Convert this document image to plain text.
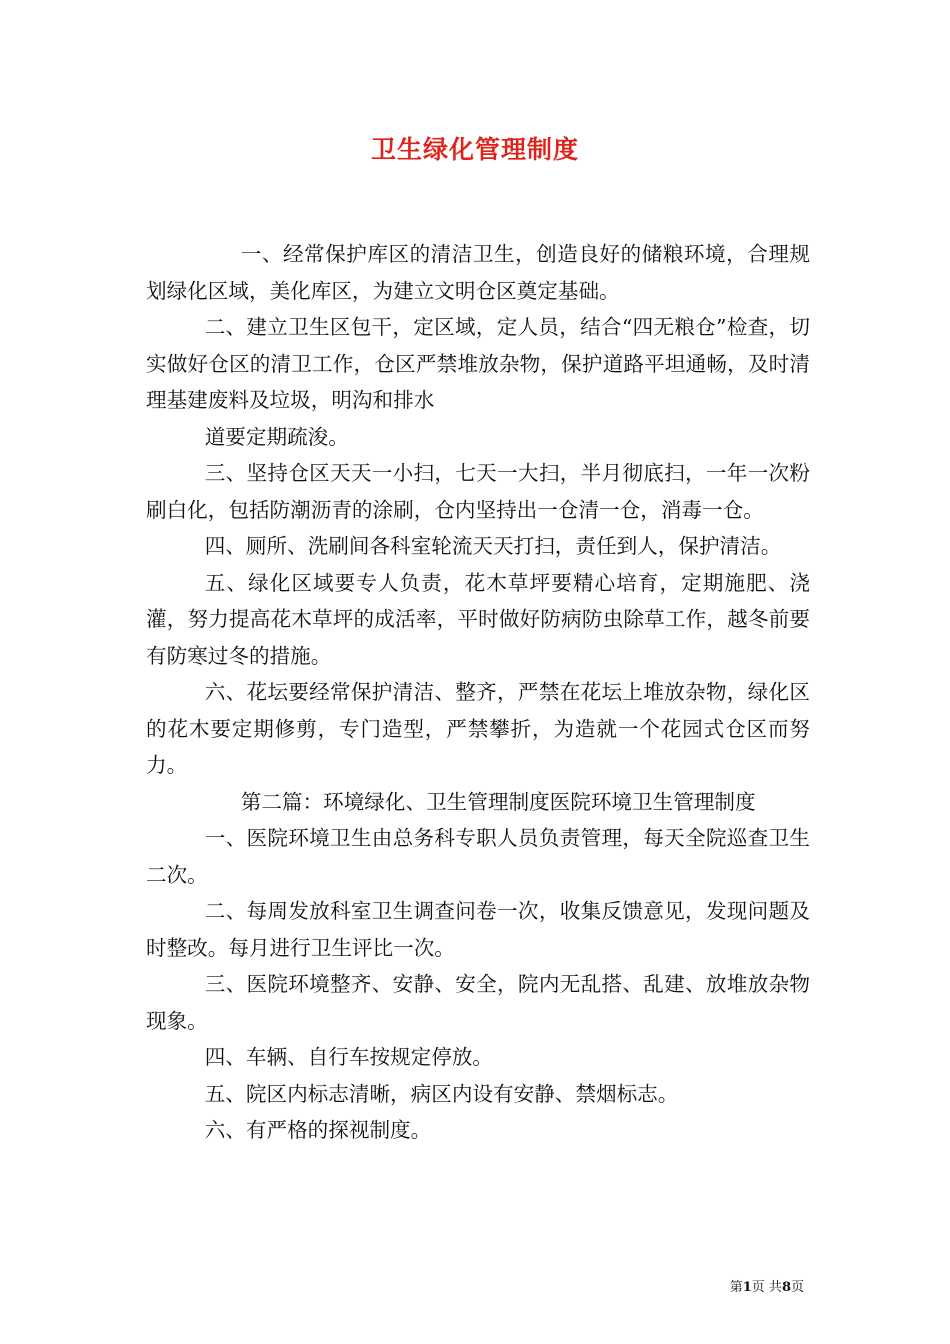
卫生绿化管理制度

一、经常保护库区的清洁卫生，创造良好的储粮环境，合理规划绿化区域，美化库区，为建立文明仓区奠定基础。

二、建立卫生区包干，定区域，定人员，结合“四无粮仓”检查，切实做好仓区的清卫工作，仓区严禁堆放杂物，保护道路平坦通畅，及时清理基建废料及垃圾，明沟和排水

道要定期疏浚。

三、坚持仓区天天一小扫，七天一大扫，半月彻底扫，一年一次粉刷白化，包括防潮沥青的涂刷，仓内坚持出一仓清一仓，消毒一仓。

四、厕所、洗刷间各科室轮流天天打扫，责任到人，保护清洁。

五、绿化区域要专人负责，花木草坪要精心培育，定期施肥、浇灌，努力提高花木草坪的成活率，平时做好防病防虫除草工作，越冬前要有防寒过冬的措施。

六、花坛要经常保护清洁、整齐，严禁在花坛上堆放杂物，绿化区的花木要定期修剪，专门造型，严禁攀折，为造就一个花园式仓区而努力。

第二篇：环境绿化、卫生管理制度医院环境卫生管理制度

一、医院环境卫生由总务科专职人员负责管理，每天全院巡查卫生二次。

二、每周发放科室卫生调查问卷一次，收集反馈意见，发现问题及时整改。每月进行卫生评比一次。

三、医院环境整齐、安静、安全，院内无乱搭、乱建、放堆放杂物现象。

四、车辆、自行车按规定停放。

五、院区内标志清晰，病区内设有安静、禁烟标志。

六、有严格的探视制度。

第1页 共8页
